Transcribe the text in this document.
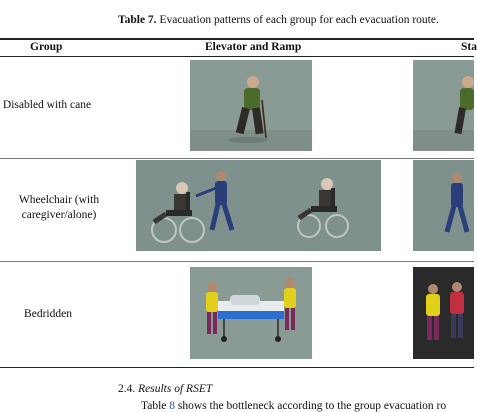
Table 7. Evacuation patterns of each group for each evacuation route.
Group	Elevator and Ramp	Sta
Disabled with cane
Wheelchair (with
caregiver/alone)
Bedridden
2.4. Results of RSET
Table 8 shows the bottleneck according to the group evacuation ro
